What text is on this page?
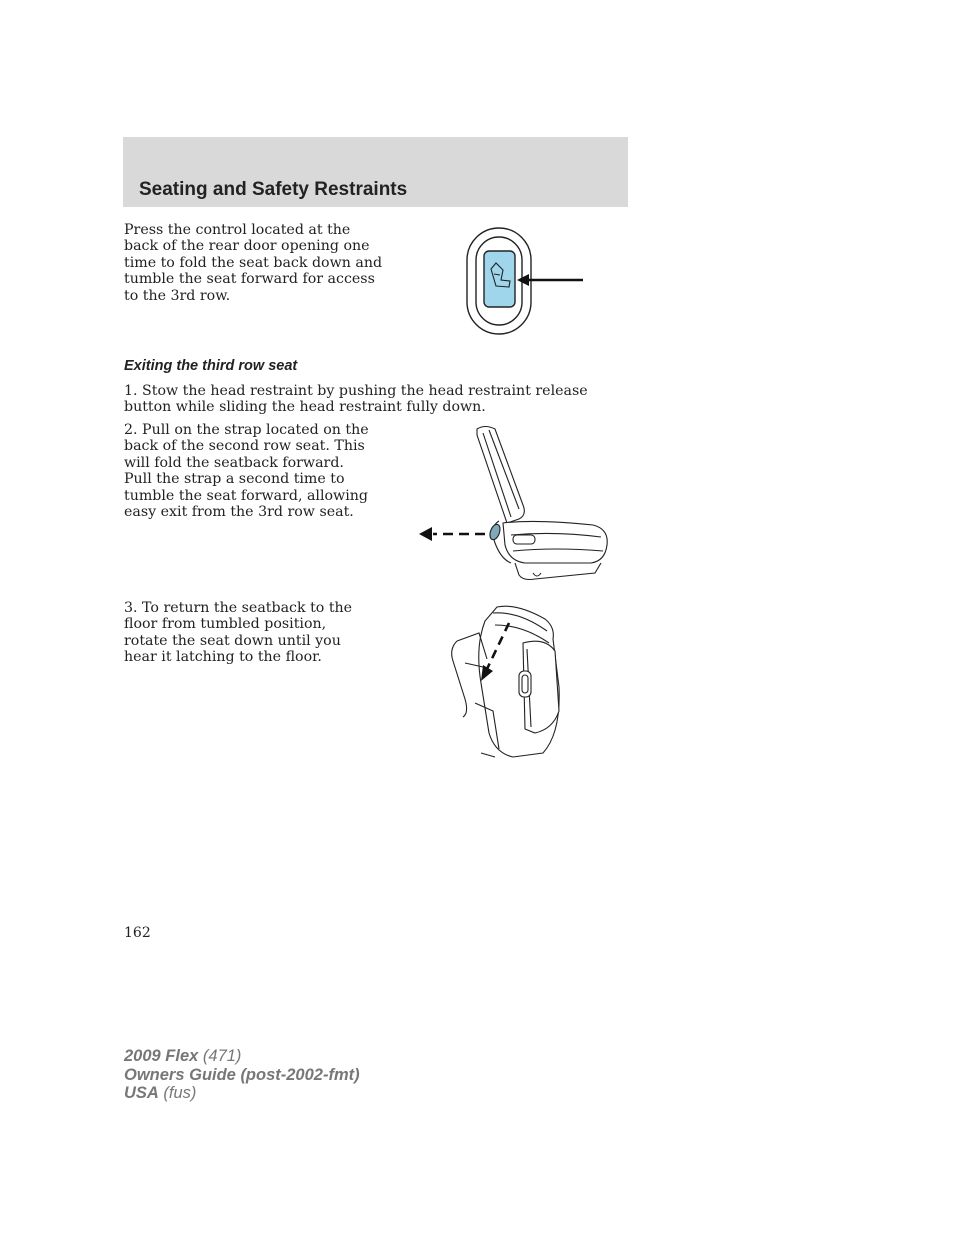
Seating and Safety Restraints

Press the control located at the back of the rear door opening one time to fold the seat back down and tumble the seat forward for access to the 3rd row.

Exiting the third row seat

1. Stow the head restraint by pushing the head restraint release button while sliding the head restraint fully down.

2. Pull on the strap located on the back of the second row seat. This will fold the seatback forward. Pull the strap a second time to tumble the seat forward, allowing easy exit from the 3rd row seat.

3. To return the seatback to the floor from tumbled position, rotate the seat down until you hear it latching to the floor.

162

2009 Flex (471)
Owners Guide (post-2002-fmt)
USA (fus)
